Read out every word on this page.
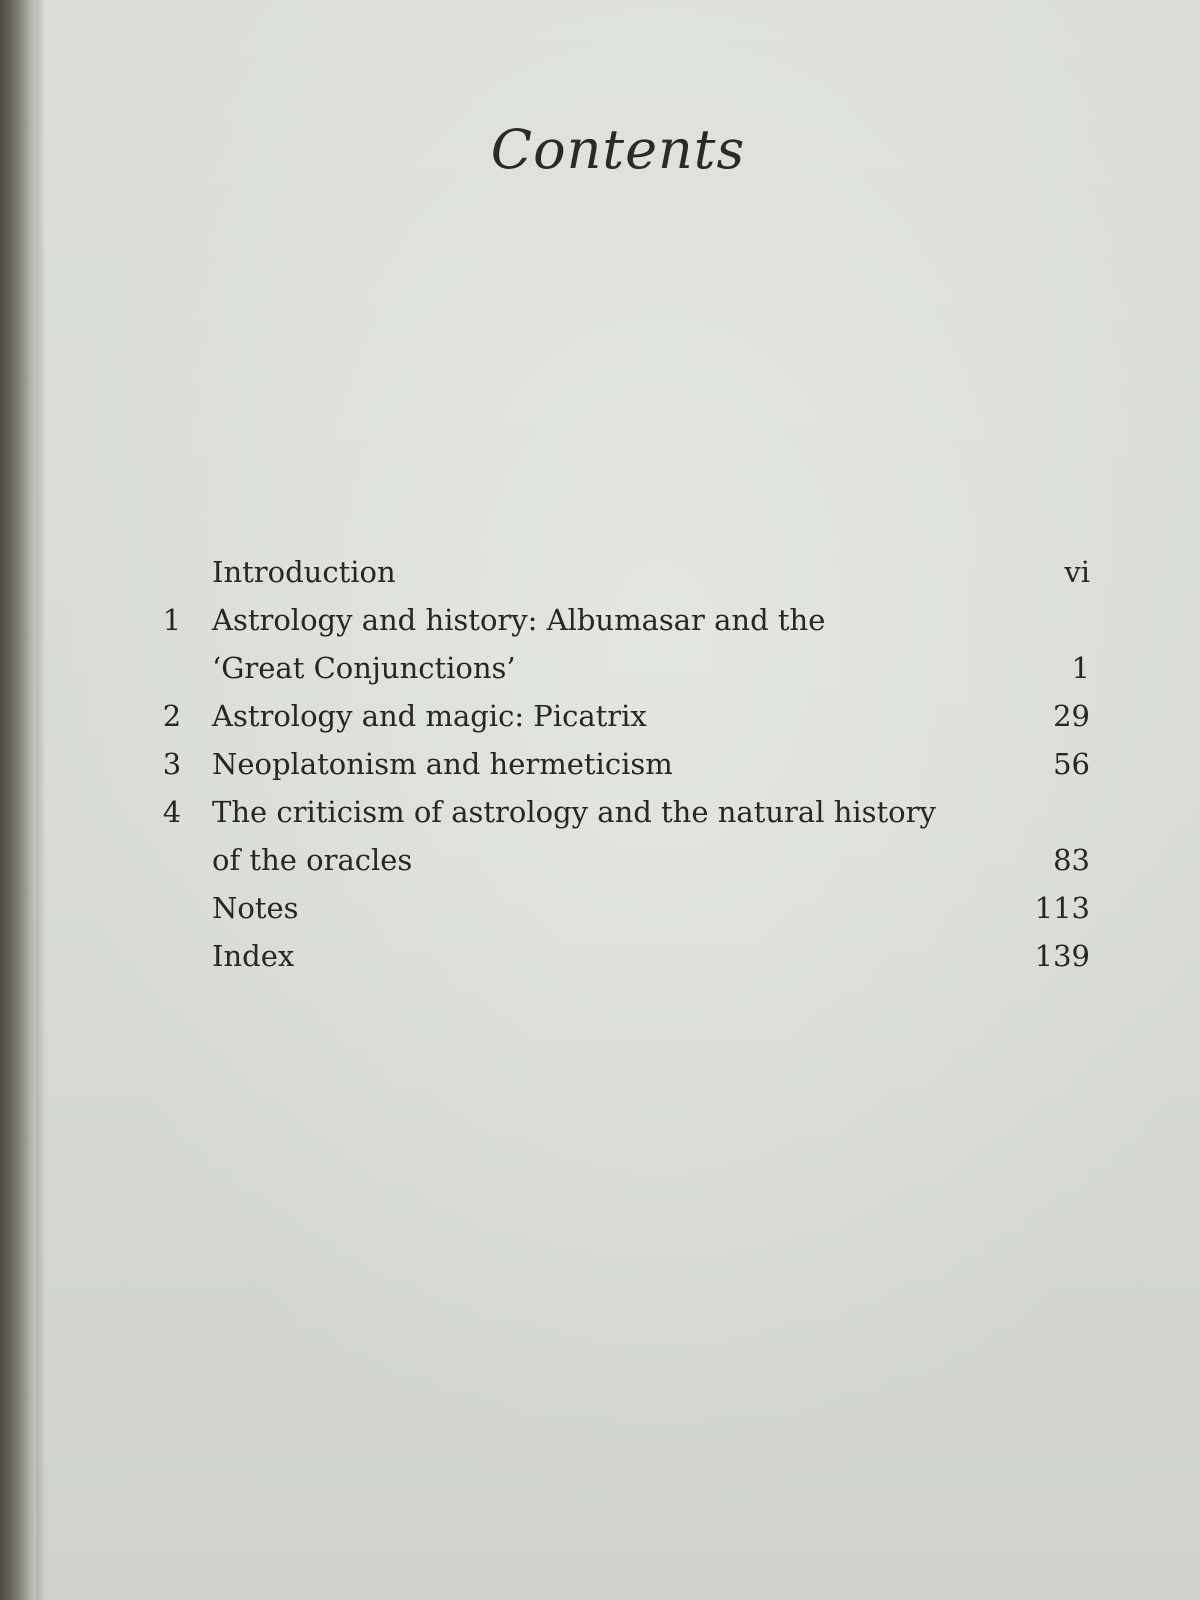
Contents
Introduction	vi
1 Astrology and history: Albumasar and the
‘Great Conjunctions’	1
2 Astrology and magic: Picatrix	29
3 Neoplatonism and hermeticism	56
4 The criticism of astrology and the natural history
of the oracles	83
Notes	113
Index	139
